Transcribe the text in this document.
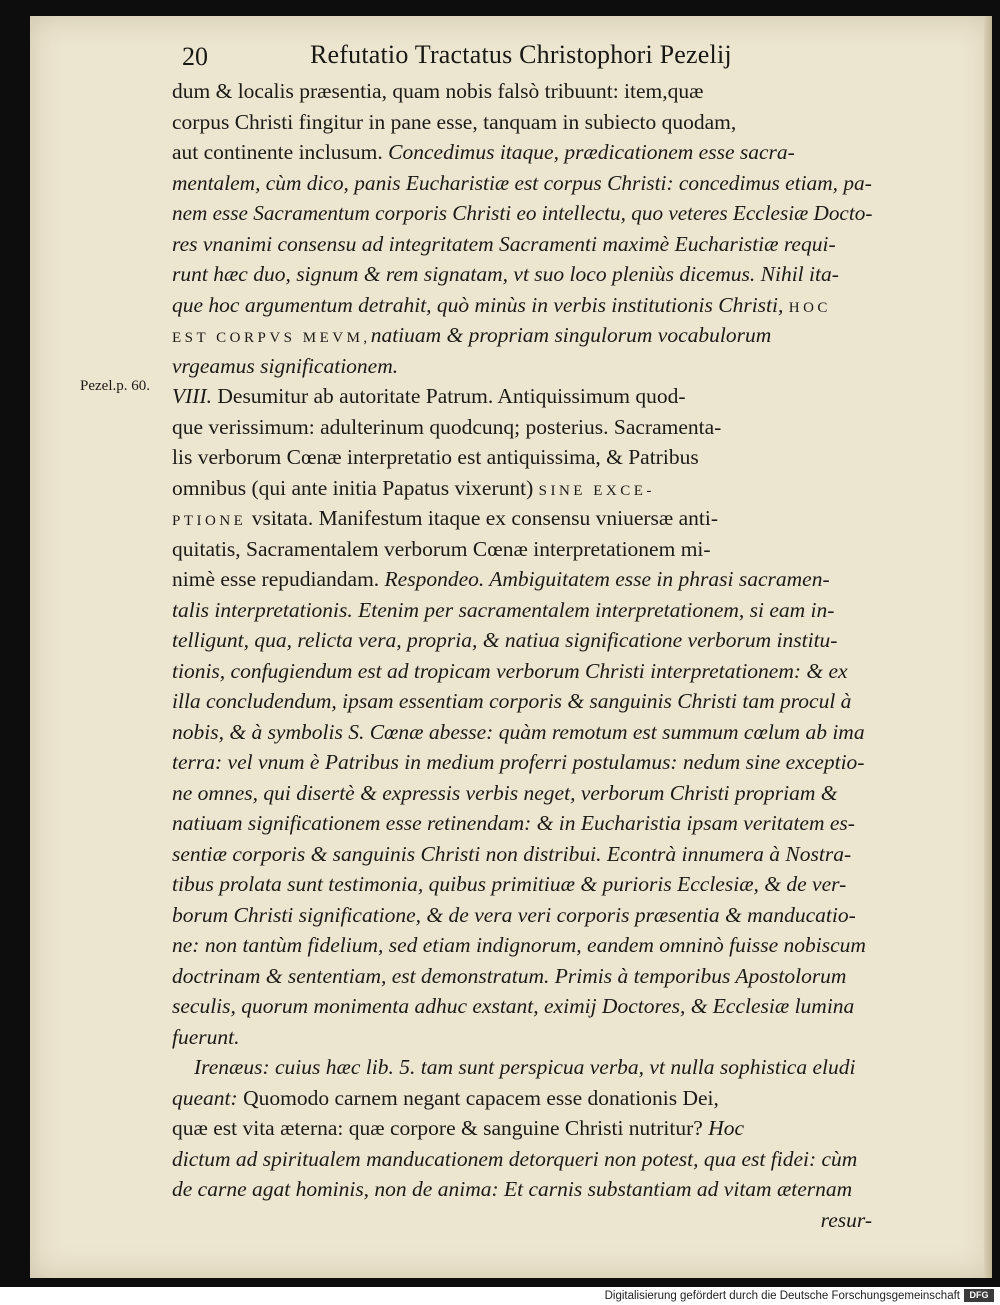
20	Refutatio Tractatus Christophori Pezelij
Pezel.p. 60.
dum & localis præsentia, quam nobis falsò tribuunt: item,quæ
corpus Christi fingitur in pane esse, tanquam in subiecto quodam,
aut continente inclusum. Concedimus itaque, prædicationem esse sacra-
mentalem, cùm dico, panis Eucharistiæ est corpus Christi: concedimus etiam, pa-
nem esse Sacramentum corporis Christi eo intellectu, quo veteres Ecclesiæ Docto-
res vnanimi consensu ad integritatem Sacramenti maximè Eucharistiæ requi-
runt hæc duo, signum & rem signatam, vt suo loco pleniùs dicemus. Nihil ita-
que hoc argumentum detrahit, quò minùs in verbis institutionis Christi, HOC
EST CORPVS MEVM,natiuam & propriam singulorum vocabulorum
vrgeamus significationem.
VIII. Desumitur ab autoritate Patrum. Antiquissimum quod-
que verissimum: adulterinum quodcunq; posterius. Sacramenta-
lis verborum Cœnæ interpretatio est antiquissima, & Patribus
omnibus (qui ante initia Papatus vixerunt) SINE EXCE-
PTIONE vsitata. Manifestum itaque ex consensu vniuersæ anti-
quitatis, Sacramentalem verborum Cœnæ interpretationem mi-
nimè esse repudiandam. Respondeo. Ambiguitatem esse in phrasi sacramen-
talis interpretationis. Etenim per sacramentalem interpretationem, si eam in-
telligunt, qua, relicta vera, propria, & natiua significatione verborum institu-
tionis, confugiendum est ad tropicam verborum Christi interpretationem: & ex
illa concludendum, ipsam essentiam corporis & sanguinis Christi tam procul à
nobis, & à symbolis S. Cœnæ abesse: quàm remotum est summum cœlum ab ima
terra: vel vnum è Patribus in medium proferri postulamus: nedum sine exceptio-
ne omnes, qui disertè & expressis verbis neget, verborum Christi propriam &
natiuam significationem esse retinendam: & in Eucharistia ipsam veritatem es-
sentiæ corporis & sanguinis Christi non distribui. Econtrà innumera à Nostra-
tibus prolata sunt testimonia, quibus primitiuæ & purioris Ecclesiæ, & de ver-
borum Christi significatione, & de vera veri corporis præsentia & manducatio-
ne: non tantùm fidelium, sed etiam indignorum, eandem omninò fuisse nobiscum
doctrinam & sententiam, est demonstratum. Primis à temporibus Apostolorum
seculis, quorum monimenta adhuc exstant, eximij Doctores, & Ecclesiæ lumina
fuerunt.
Irenæus: cuius hæc lib. 5. tam sunt perspicua verba, vt nulla sophistica eludi
queant: Quomodo carnem negant capacem esse donationis Dei,
quæ est vita æterna: quæ corpore & sanguine Christi nutritur? Hoc
dictum ad spiritualem manducationem detorqueri non potest, qua est fidei: cùm
de carne agat hominis, non de anima: Et carnis substantiam ad vitam æternam
resur-
Digitalisierung gefördert durch die Deutsche Forschungsgemeinschaft	DFG
